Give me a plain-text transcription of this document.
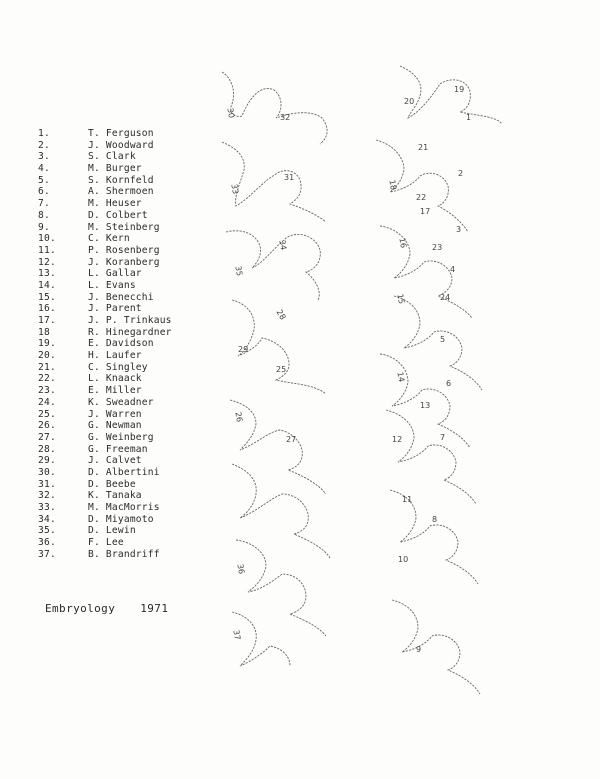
1.	T. Ferguson
2.	J. Woodward
3.	S. Clark
4.	M. Burger
5.	S. Kornfeld
6.	A. Shermoen
7.	M. Heuser
8.	D. Colbert
9.	M. Steinberg
10.	C. Kern
11.	P. Rosenberg
12.	J. Koranberg
13.	L. Gallar
14.	L. Evans
15.	J. Benecchi
16.	J. Parent
17.	J. P. Trinkaus
18	R. Hinegardner
19.	E. Davidson
20.	H. Laufer
21.	C. Singley
22.	L. Knaack
23.	E. Miller
24.	K. Sweadner
25.	J. Warren
26.	G. Newman
27.	G. Weinberg
28.	G. Freeman
29.	J. Calvet
30.	D. Albertini
31.	D. Beebe
32.	K. Tanaka
33.	M. MacMorris
34.	D. Miyamoto
35.	D. Lewin
36.	F. Lee
37.	B. Brandriff
Embryology 1971
30	32
33
31
34
35
37
28
29
25
26
27
36
18
19
17
16
15
14
13
12
11
10
9
8
7
6
5
4
3
2
1
20
21
22
23
24
